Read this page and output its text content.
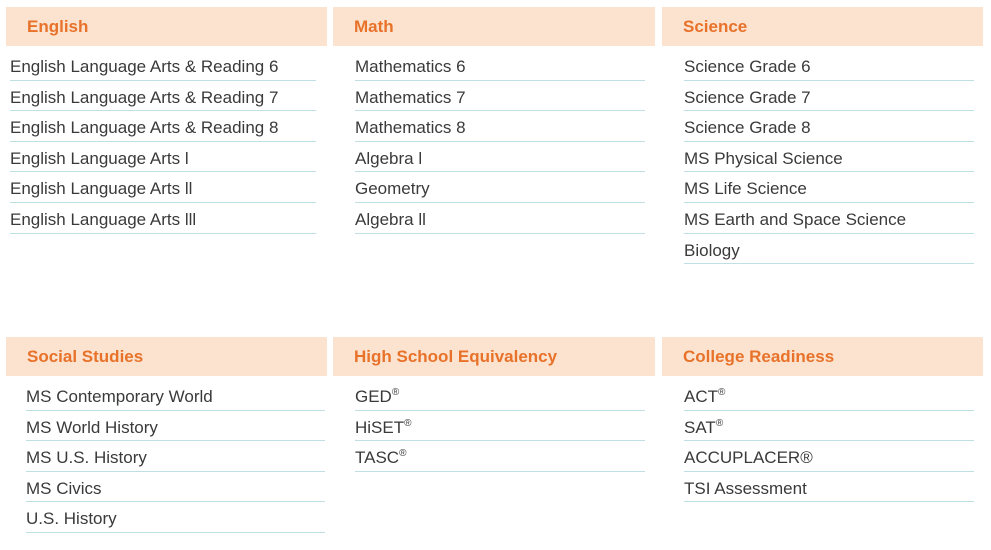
English
English Language Arts & Reading 6
English Language Arts & Reading 7
English Language Arts & Reading 8
English Language Arts l
English Language Arts ll
English Language Arts lll
Math
Mathematics 6
Mathematics 7
Mathematics 8
Algebra l
Geometry
Algebra ll
Science
Science Grade 6
Science Grade 7
Science Grade 8
MS Physical Science
MS Life Science
MS Earth and Space Science
Biology
Social Studies
MS Contemporary World
MS World History
MS U.S. History
MS Civics
U.S. History
High School Equivalency
GED®
HiSET®
TASC®
College Readiness
ACT®
SAT®
ACCUPLACER®
TSI Assessment
